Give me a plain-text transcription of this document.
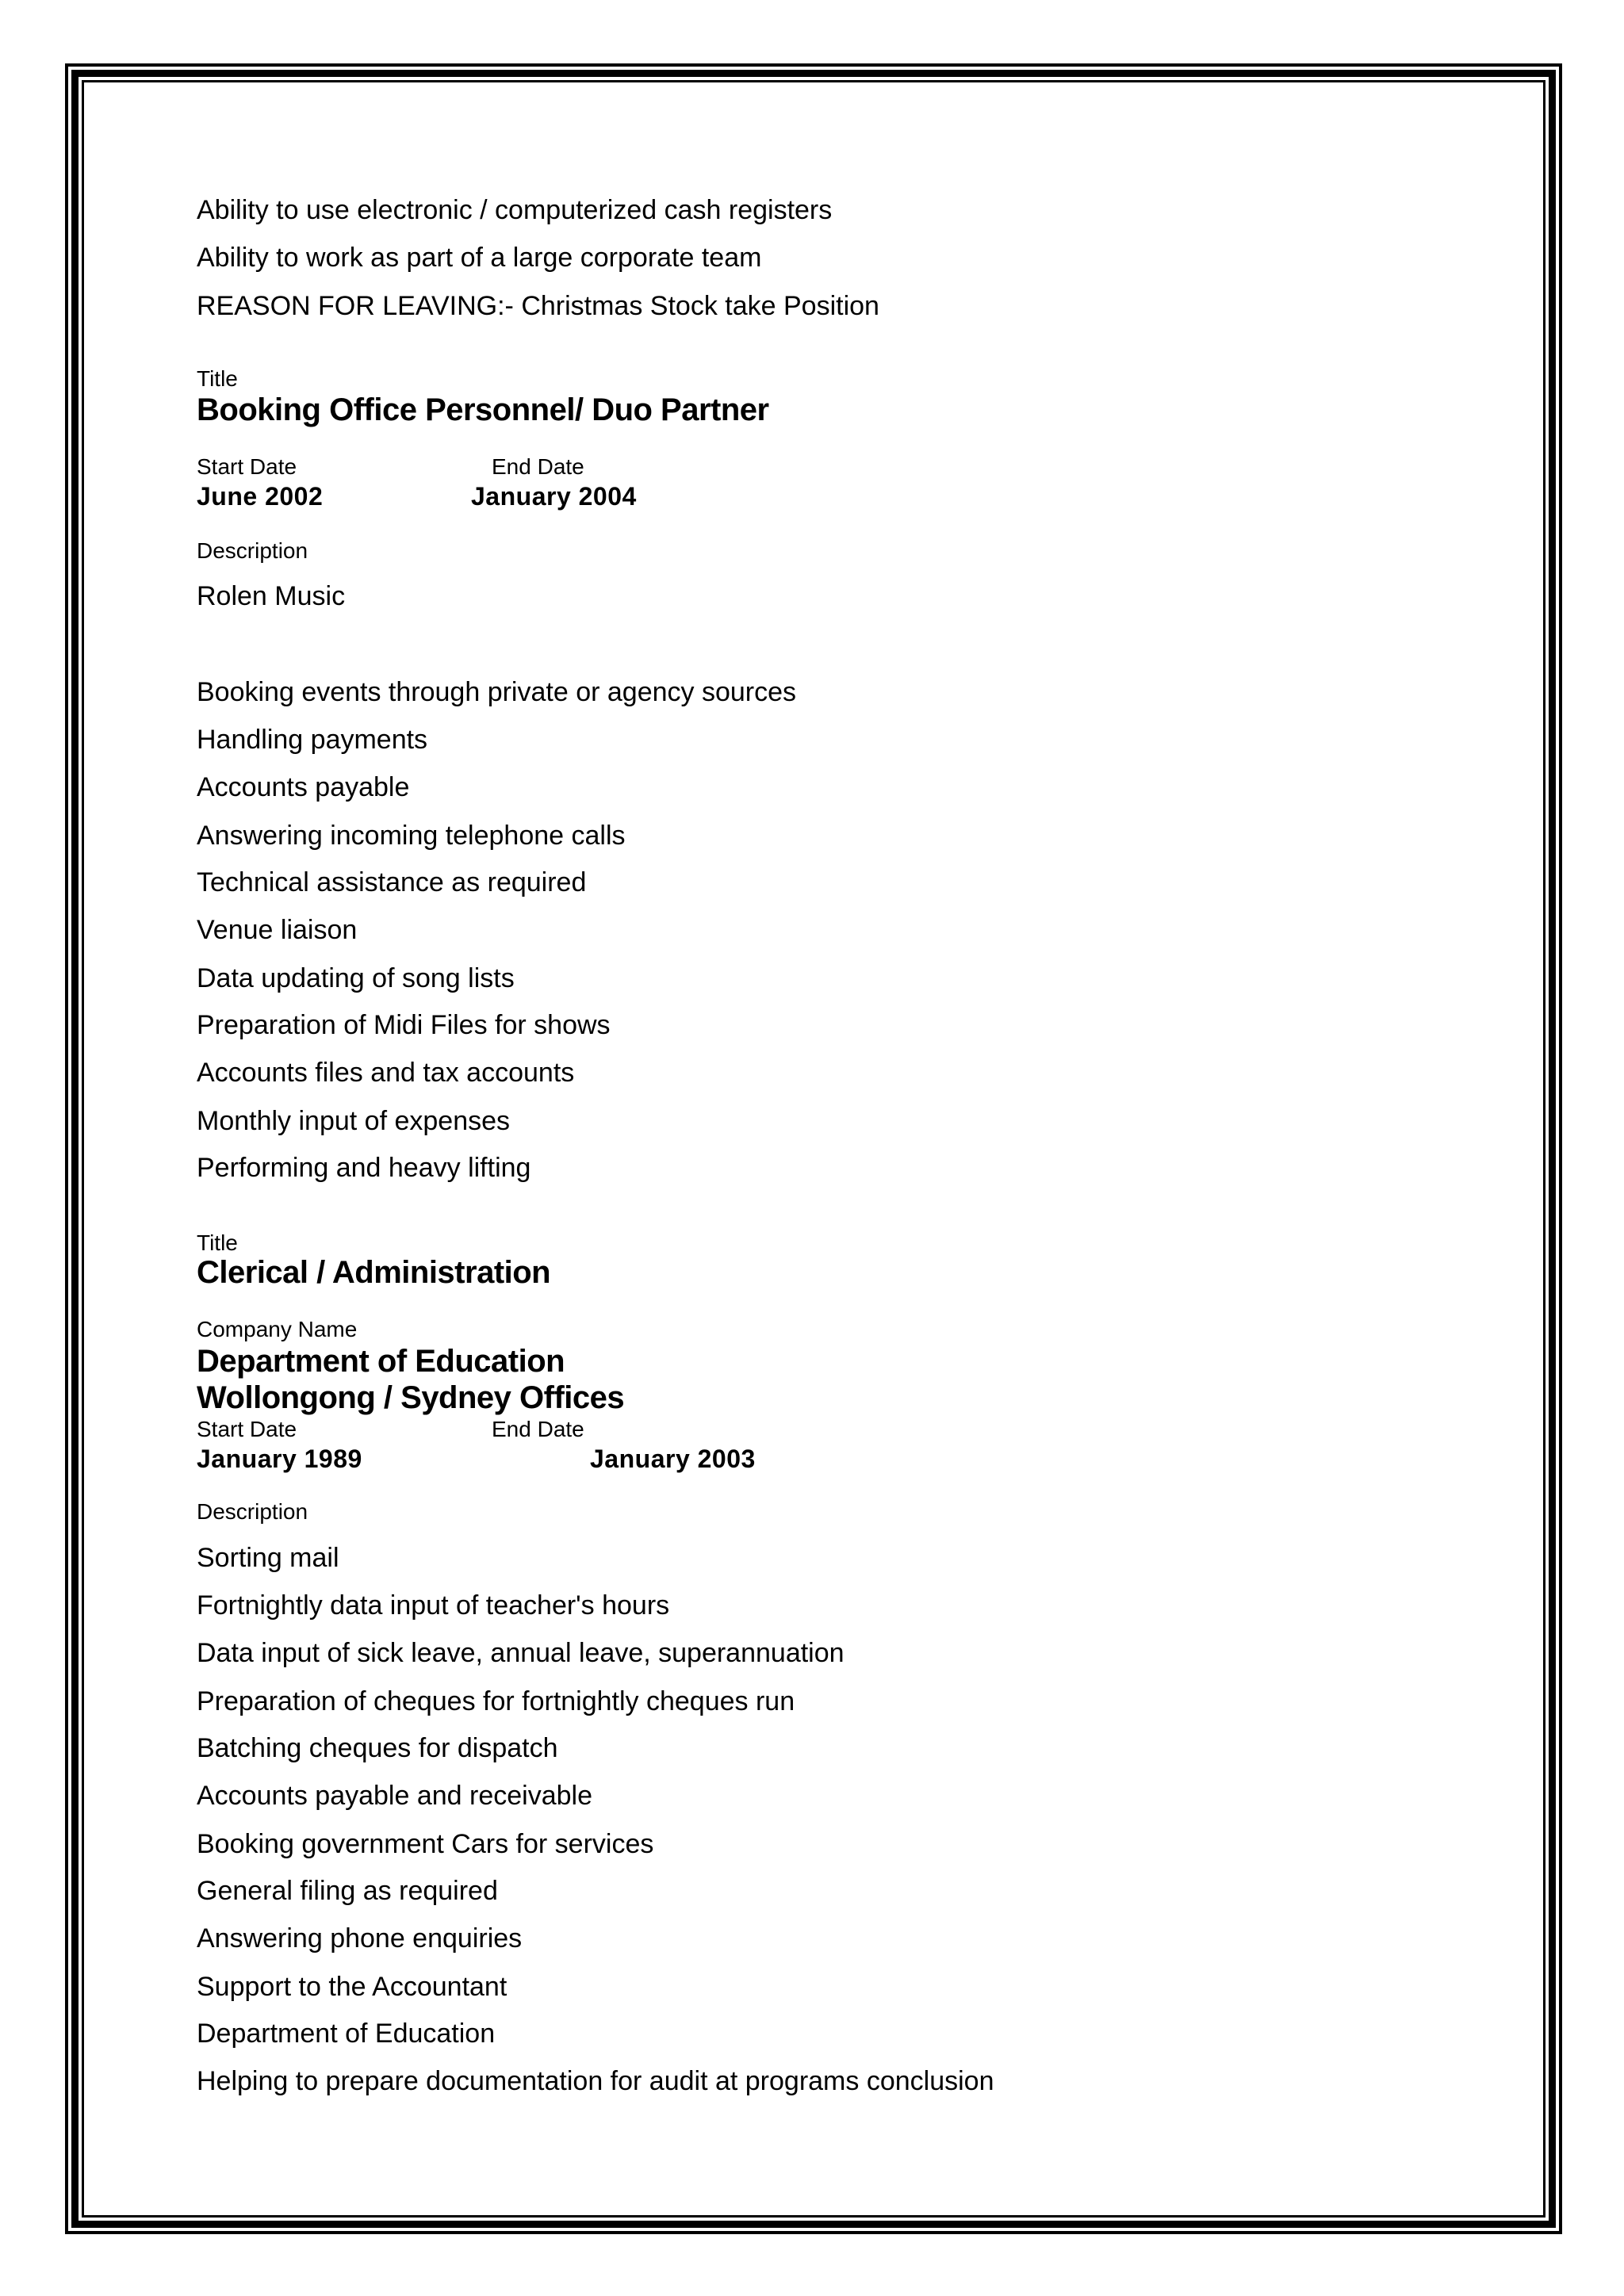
Ability to use electronic / computerized cash registers
Ability to work as part of a large corporate team
REASON FOR LEAVING:- Christmas Stock take Position
Title
Booking Office Personnel/ Duo Partner
Start Date	End Date
June 2002	January 2004
Description
Rolen Music
Booking events through private or agency sources
Handling payments
Accounts payable
Answering incoming telephone calls
Technical assistance as required
Venue liaison
Data updating of song lists
Preparation of Midi Files for shows
Accounts files and tax accounts
Monthly input of expenses
Performing and heavy lifting
Title
Clerical / Administration
Company Name
Department of Education
Wollongong / Sydney Offices
Start Date	End Date
January 1989	January 2003
Description
Sorting mail
Fortnightly data input of teacher's hours
Data input of sick leave, annual leave, superannuation
Preparation of cheques for fortnightly cheques run
Batching cheques for dispatch
Accounts payable and receivable
Booking government Cars for services
General filing as required
Answering phone enquiries
Support to the Accountant
Department of Education
Helping to prepare documentation for audit at programs conclusion
